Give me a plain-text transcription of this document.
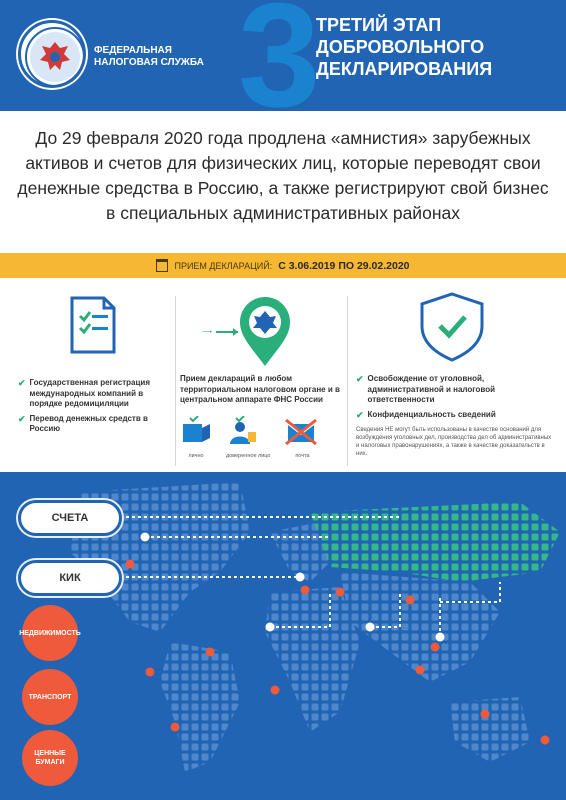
3
ФЕДЕРАЛЬНАЯ НАЛОГОВАЯ СЛУЖБА
ТРЕТИЙ ЭТАП ДОБРОВОЛЬНОГО ДЕКЛАРИРОВАНИЯ
До 29 февраля 2020 года продлена «амнистия» зарубежных активов и счетов для физических лиц, которые переводят свои денежные средства в Россию, а также регистрируют свой бизнес в специальных административных районах
ПРИЕМ ДЕКЛАРАЦИЙ: С 3.06.2019 ПО 29.02.2020
✔ Государственная регистрация международных компаний в порядке редомициляции
✔ Перевод денежных средств в Россию
⟶
Прием деклараций в любом территориальном налоговом органе и в центральном аппарате ФНС России
лично	доверенное лицо	почта
✔ Освобождение от уголовной, административной и налоговой ответственности
✔ Конфиденциальность сведений
Сведения НЕ могут быть использованы в качестве оснований для возбуждения уголовных дел, производства дел об административных и налоговых правонарушениях, а также в качестве доказательств в них.
СЧЕТА
КИК
НЕДВИЖИМОСТЬ
ТРАНСПОРТ
ЦЕННЫЕ БУМАГИ
